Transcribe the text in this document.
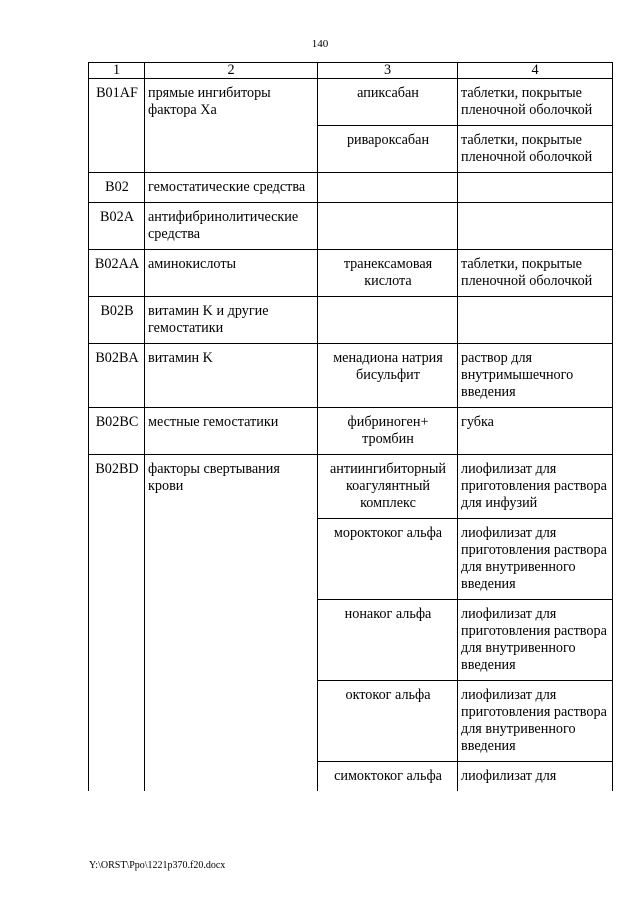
140
1	2	3	4
B01AF	прямые ингибиторы фактора Xa	апиксабан	таблетки, покрытые пленочной оболочкой
		ривароксабан	таблетки, покрытые пленочной оболочкой
B02	гемостатические средства		
B02A	антифибринолитические средства		
B02AA	аминокислоты	транексамовая кислота	таблетки, покрытые пленочной оболочкой
B02B	витамин K и другие гемостатики		
B02BA	витамин K	менадиона натрия бисульфит	раствор для внутримышечного введения
B02BC	местные гемостатики	фибриноген+ тромбин	губка
B02BD	факторы свертывания крови	антиингибиторный коагулянтный комплекс	лиофилизат для приготовления раствора для инфузий
		мороктоког альфа	лиофилизат для приготовления раствора для внутривенного введения
		нонаког альфа	лиофилизат для приготовления раствора для внутривенного введения
		октоког альфа	лиофилизат для приготовления раствора для внутривенного введения
		симоктоког альфа	лиофилизат для
Y:\ORST\Ppo\1221p370.f20.docx
